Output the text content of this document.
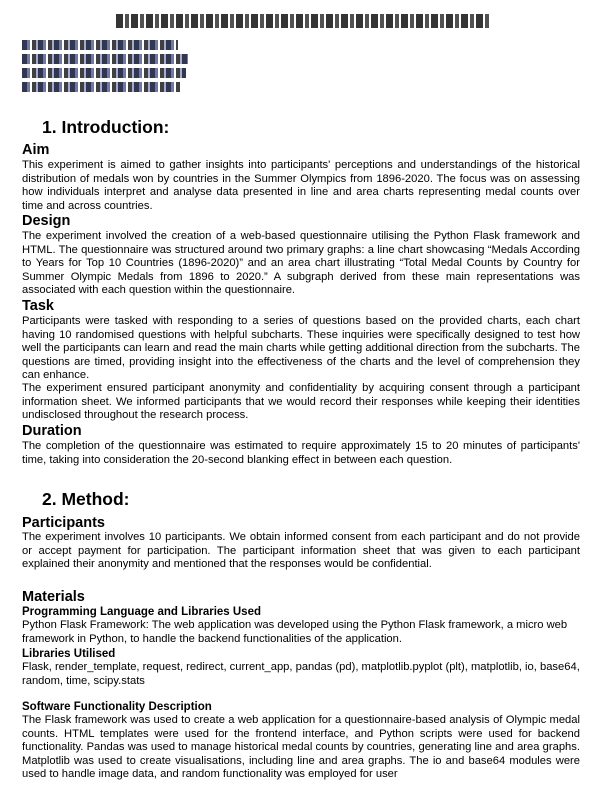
1. Introduction:
Aim

This experiment is aimed to gather insights into participants' perceptions and understandings of the historical distribution of medals won by countries in the Summer Olympics from 1896-2020. The focus was on assessing how individuals interpret and analyse data presented in line and area charts representing medal counts over time and across countries.

Design

The experiment involved the creation of a web-based questionnaire utilising the Python Flask framework and HTML. The questionnaire was structured around two primary graphs: a line chart showcasing “Medals According to Years for Top 10 Countries (1896-2020)” and an area chart illustrating “Total Medal Counts by Country for Summer Olympic Medals from 1896 to 2020.” A subgraph derived from these main representations was associated with each question within the questionnaire.

Task

Participants were tasked with responding to a series of questions based on the provided charts, each chart having 10 randomised questions with helpful subcharts. These inquiries were specifically designed to test how well the participants can learn and read the main charts while getting additional direction from the subcharts. The questions are timed, providing insight into the effectiveness of the charts and the level of comprehension they can enhance.

The experiment ensured participant anonymity and confidentiality by acquiring consent through a participant information sheet. We informed participants that we would record their responses while keeping their identities undisclosed throughout the research process.

Duration

The completion of the questionnaire was estimated to require approximately 15 to 20 minutes of participants' time, taking into consideration the 20-second blanking effect in between each question.

2. Method:
Participants

The experiment involves 10 participants. We obtain informed consent from each participant and do not provide or accept payment for participation. The participant information sheet that was given to each participant explained their anonymity and mentioned that the responses would be confidential.

Materials
Programming Language and Libraries Used

Python Flask Framework: The web application was developed using the Python Flask framework, a micro web framework in Python, to handle the backend functionalities of the application.

Libraries Utilised

Flask, render_template, request, redirect, current_app, pandas (pd), matplotlib.pyplot (plt), matplotlib, io, base64, random, time, scipy.stats

Software Functionality Description

The Flask framework was used to create a web application for a questionnaire-based analysis of Olympic medal counts. HTML templates were used for the frontend interface, and Python scripts were used for backend functionality. Pandas was used to manage historical medal counts by countries, generating line and area graphs. Matplotlib was used to create visualisations, including line and area graphs. The io and base64 modules were used to handle image data, and random functionality was employed for user
